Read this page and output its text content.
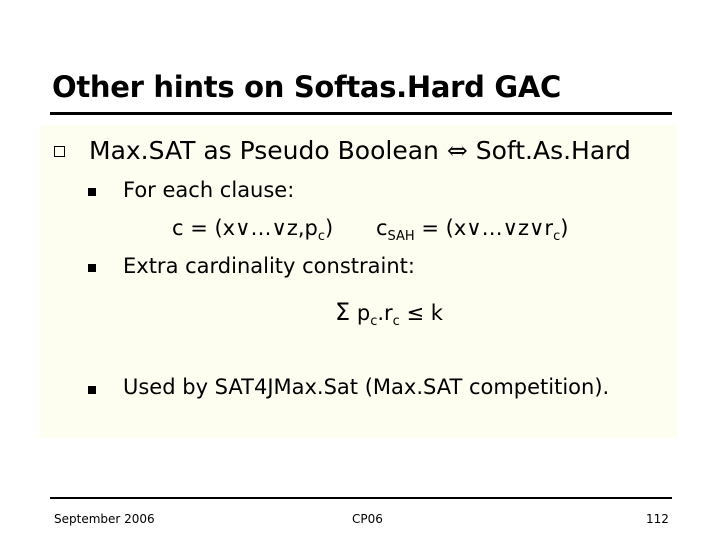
Other hints on Softas.Hard GAC
Max.SAT as Pseudo Boolean ⇔ Soft.As.Hard
For each clause:
$c = (x\vee\dots\vee z,p_c) c_{SAH}$ = $(x\vee\dots\vee z\vee r_c)$
Extra cardinality constraint:
Σ $p_c.r_c \le k$
Used by SAT4JMax.Sat (Max.SAT competition).
September 2006	CP06	112
